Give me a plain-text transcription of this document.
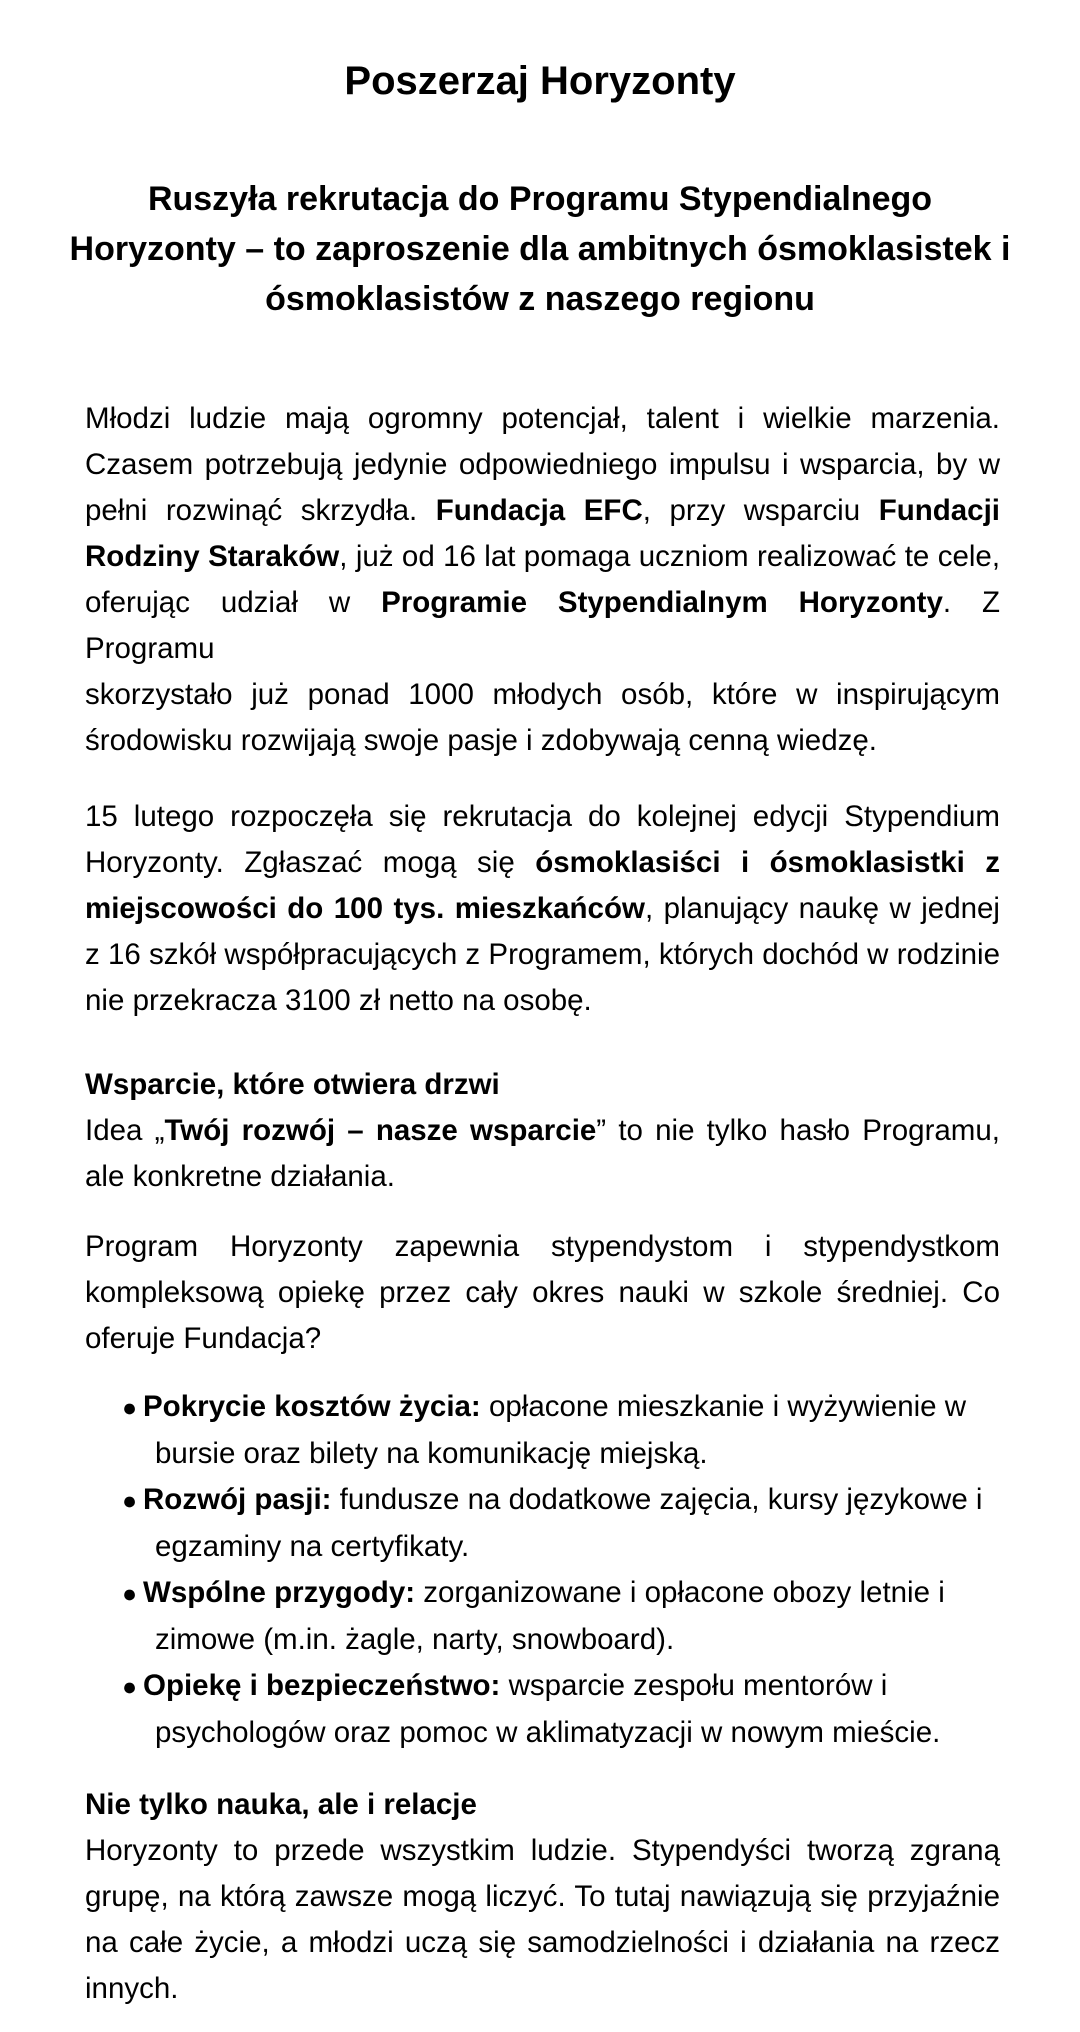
Poszerzaj Horyzonty
Ruszyła rekrutacja do Programu Stypendialnego
Horyzonty – to zaproszenie dla ambitnych ósmoklasistek i
ósmoklasistów z naszego regionu
Młodzi ludzie mają ogromny potencjał, talent i wielkie marzenia.
Czasem potrzebują jedynie odpowiedniego impulsu i wsparcia, by w
pełni rozwinąć skrzydła. Fundacja EFC, przy wsparciu Fundacji
Rodziny Staraków, już od 16 lat pomaga uczniom realizować te cele,
oferując udział w Programie Stypendialnym Horyzonty. Z Programu
skorzystało już ponad 1000 młodych osób, które w inspirującym
środowisku rozwijają swoje pasje i zdobywają cenną wiedzę.
15 lutego rozpoczęła się rekrutacja do kolejnej edycji Stypendium
Horyzonty. Zgłaszać mogą się ósmoklasiści i ósmoklasistki z
miejscowości do 100 tys. mieszkańców, planujący naukę w jednej
z 16 szkół współpracujących z Programem, których dochód w rodzinie
nie przekracza 3100 zł netto na osobę.
Wsparcie, które otwiera drzwi
Idea „Twój rozwój – nasze wsparcie” to nie tylko hasło Programu,
ale konkretne działania.
Program Horyzonty zapewnia stypendystom i stypendystkom
kompleksową opiekę przez cały okres nauki w szkole średniej. Co
oferuje Fundacja?
● Pokrycie kosztów życia: opłacone mieszkanie i wyżywienie w
bursie oraz bilety na komunikację miejską.
● Rozwój pasji: fundusze na dodatkowe zajęcia, kursy językowe i
egzaminy na certyfikaty.
● Wspólne przygody: zorganizowane i opłacone obozy letnie i
zimowe (m.in. żagle, narty, snowboard).
● Opiekę i bezpieczeństwo: wsparcie zespołu mentorów i
psychologów oraz pomoc w aklimatyzacji w nowym mieście.
Nie tylko nauka, ale i relacje
Horyzonty to przede wszystkim ludzie. Stypendyści tworzą zgraną
grupę, na którą zawsze mogą liczyć. To tutaj nawiązują się przyjaźnie
na całe życie, a młodzi uczą się samodzielności i działania na rzecz
innych.
